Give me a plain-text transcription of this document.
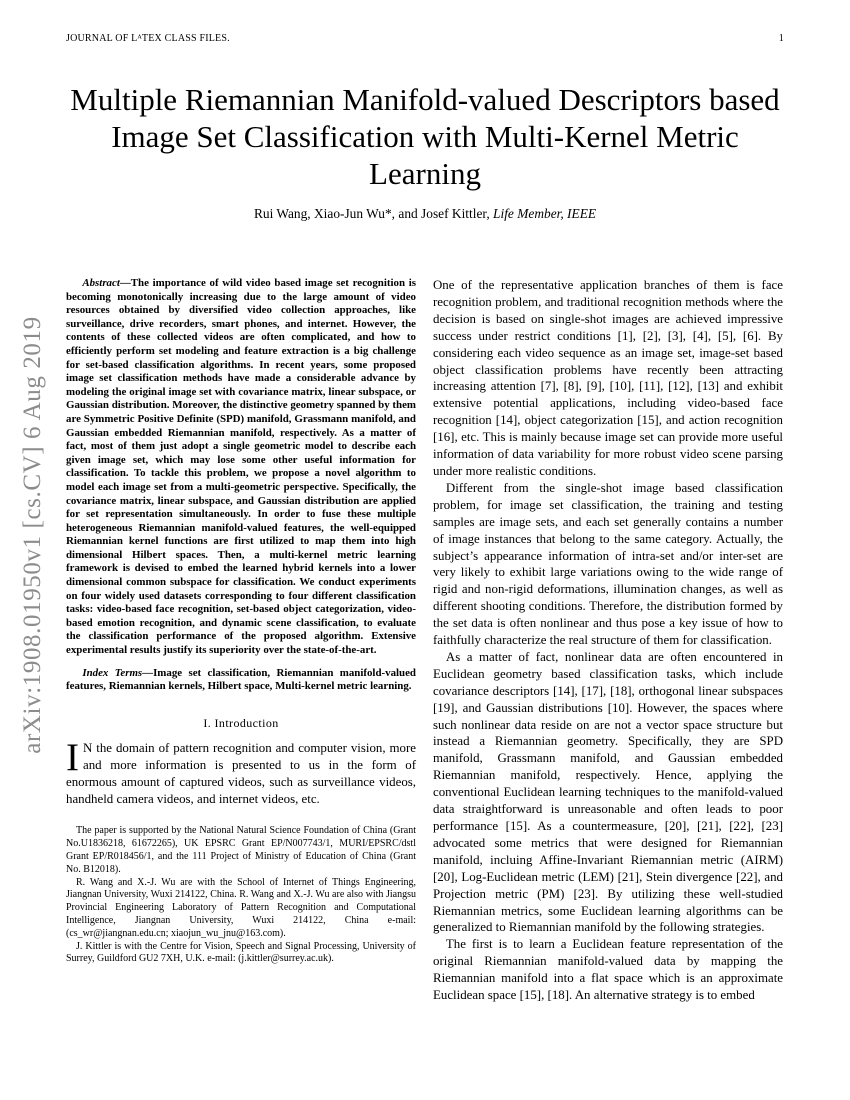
JOURNAL OF LᴬTEX CLASS FILES.	1
arXiv:1908.01950v1 [cs.CV] 6 Aug 2019
Multiple Riemannian Manifold-valued Descriptors based Image Set Classification with Multi-Kernel Metric Learning
Rui Wang, Xiao-Jun Wu*, and Josef Kittler, Life Member, IEEE

Abstract—The importance of wild video based image set recognition is becoming monotonically increasing due to the large amount of video resources obtained by diversified video collection approaches, like surveillance, drive recorders, smart phones, and internet. However, the contents of these collected videos are often complicated, and how to efficiently perform set modeling and feature extraction is a big challenge for set-based classification algorithms. In recent years, some proposed image set classification methods have made a considerable advance by modeling the original image set with covariance matrix, linear subspace, or Gaussian distribution. Moreover, the distinctive geometry spanned by them are Symmetric Positive Definite (SPD) manifold, Grassmann manifold, and Gaussian embedded Riemannian manifold, respectively. As a matter of fact, most of them just adopt a single geometric model to describe each given image set, which may lose some other useful information for classification. To tackle this problem, we propose a novel algorithm to model each image set from a multi-geometric perspective. Specifically, the covariance matrix, linear subspace, and Gaussian distribution are applied for set representation simultaneously. In order to fuse these multiple heterogeneous Riemannian manifold-valued features, the well-equipped Riemannian kernel functions are first utilized to map them into high dimensional Hilbert spaces. Then, a multi-kernel metric learning framework is devised to embed the learned hybrid kernels into a lower dimensional common subspace for classification. We conduct experiments on four widely used datasets corresponding to four different classification tasks: video-based face recognition, set-based object categorization, video-based emotion recognition, and dynamic scene classification, to evaluate the classification performance of the proposed algorithm. Extensive experimental results justify its superiority over the state-of-the-art.

Index Terms—Image set classification, Riemannian manifold-valued features, Riemannian kernels, Hilbert space, Multi-kernel metric learning.

I. Introduction

I N the domain of pattern recognition and computer vision, more and more information is presented to us in the form of enormous amount of captured videos, such as surveillance videos, handheld camera videos, and internet videos, etc.

The paper is supported by the National Natural Science Foundation of China (Grant No.U1836218, 61672265), UK EPSRC Grant EP/N007743/1, MURI/EPSRC/dstl Grant EP/R018456/1, and the 111 Project of Ministry of Education of China (Grant No. B12018).

R. Wang and X.-J. Wu are with the School of Internet of Things Engineering, Jiangnan University, Wuxi 214122, China. R. Wang and X.-J. Wu are also with Jiangsu Provincial Engineering Laboratory of Pattern Recognition and Computational Intelligence, Jiangnan University, Wuxi 214122, China e-mail: (cs_wr@jiangnan.edu.cn; xiaojun_wu_jnu@163.com).

J. Kittler is with the Centre for Vision, Speech and Signal Processing, University of Surrey, Guildford GU2 7XH, U.K. e-mail: (j.kittler@surrey.ac.uk).

One of the representative application branches of them is face recognition problem, and traditional recognition methods where the decision is based on single-shot images are achieved impressive success under restrict conditions [1], [2], [3], [4], [5], [6]. By considering each video sequence as an image set, image-set based object classification problems have recently been attracting increasing attention [7], [8], [9], [10], [11], [12], [13] and exhibit extensive potential applications, including video-based face recognition [14], object categorization [15], and action recognition [16], etc. This is mainly because image set can provide more useful information of data variability for more robust video scene parsing under more realistic conditions.

Different from the single-shot image based classification problem, for image set classification, the training and testing samples are image sets, and each set generally contains a number of image instances that belong to the same category. Actually, the subject’s appearance information of intra-set and/or inter-set are very likely to exhibit large variations owing to the wide range of rigid and non-rigid deformations, illumination changes, as well as different shooting conditions. Therefore, the distribution formed by the set data is often nonlinear and thus pose a key issue of how to faithfully characterize the real structure of them for classification.

As a matter of fact, nonlinear data are often encountered in Euclidean geometry based classification tasks, which include covariance descriptors [14], [17], [18], orthogonal linear subspaces [19], and Gaussian distributions [10]. However, the spaces where such nonlinear data reside on are not a vector space structure but instead a Riemannian geometry. Specifically, they are SPD manifold, Grassmann manifold, and Gaussian embedded Riemannian manifold, respectively. Hence, applying the conventional Euclidean learning techniques to the manifold-valued data straightforward is unreasonable and often leads to poor performance [15]. As a countermeasure, [20], [21], [22], [23] advocated some metrics that were designed for Riemannian manifold, incluing Affine-Invariant Riemannian metric (AIRM) [20], Log-Euclidean metric (LEM) [21], Stein divergence [22], and Projection metric (PM) [23]. By utilizing these well-studied Riemannian metrics, some Euclidean learning algorithms can be generalized to Riemannian manifold by the following strategies.

The first is to learn a Euclidean feature representation of the original Riemannian manifold-valued data by mapping the Riemannian manifold into a flat space which is an approximate Euclidean space [15], [18]. An alternative strategy is to embed
